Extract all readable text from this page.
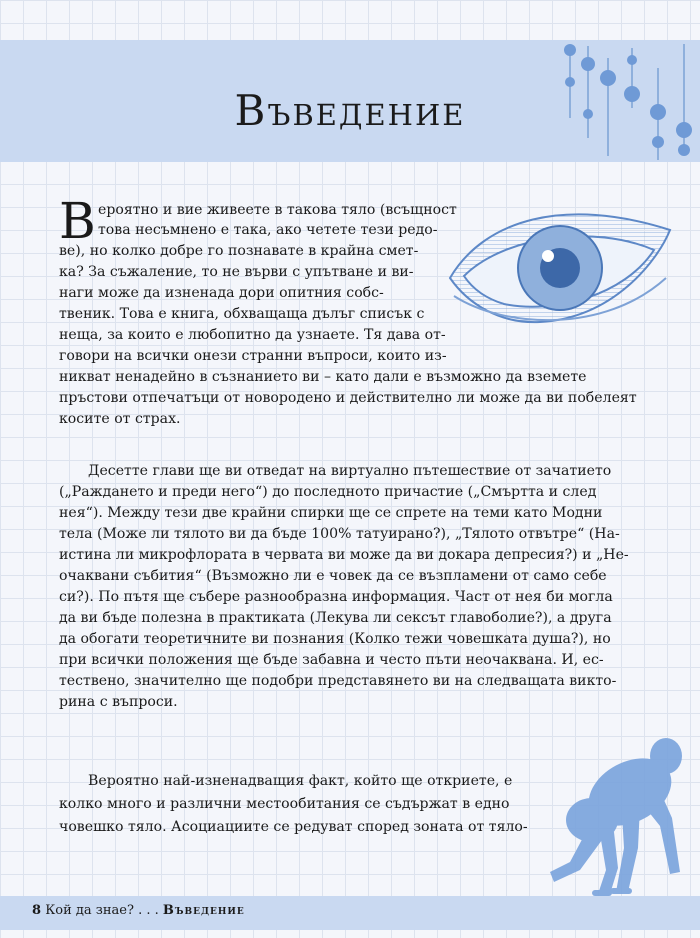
Въведение
В ероятно и вие живеете в такова тяло (всъщност
това несъмнено е така, ако четете тези редо-
ве), но колко добре го познавате в крайна смет-
ка? За съжаление, то не върви с упътване и ви-
наги може да изненада дори опитния собс-
твеник. Това е книга, обхващаща дълъг списък с
неща, за които е любопитно да узнаете. Тя дава от-
говори на всички онези странни въпроси, които из-
никват ненадейно в съзнанието ви – като дали е възможно да вземете
пръстови отпечатъци от новородено и действително ли може да ви побелеят
косите от страх.
Десетте глави ще ви отведат на виртуално пътешествие от зачатието
(„Раждането и преди него“) до последното причастие („Смъртта и след
нея“). Между тези две крайни спирки ще се спрете на теми като Модни
тела (Може ли тялото ви да бъде 100% татуирано?), „Тялото отвътре“ (На-
истина ли микрофлората в червата ви може да ви докара депресия?) и „Не-
очаквани събития“ (Възможно ли е човек да се възпламени от само себе
си?). По пътя ще събере разнообразна информация. Част от нея би могла
да ви бъде полезна в практиката (Лекува ли сексът главоболие?), а друга
да обогати теоретичните ви познания (Колко тежи човешката душа?), но
при всички положения ще бъде забавна и често пъти неочаквана. И, ес-
тествено, значително ще подобри представянето ви на следващата викто-
рина с въпроси.
Вероятно най-изненадващия факт, който ще откриете, е
колко много и различни местообитания се съдържат в едно
човешко тяло. Асоциациите се редуват според зоната от тяло-
8 Кой да знае? . . . Въведение
